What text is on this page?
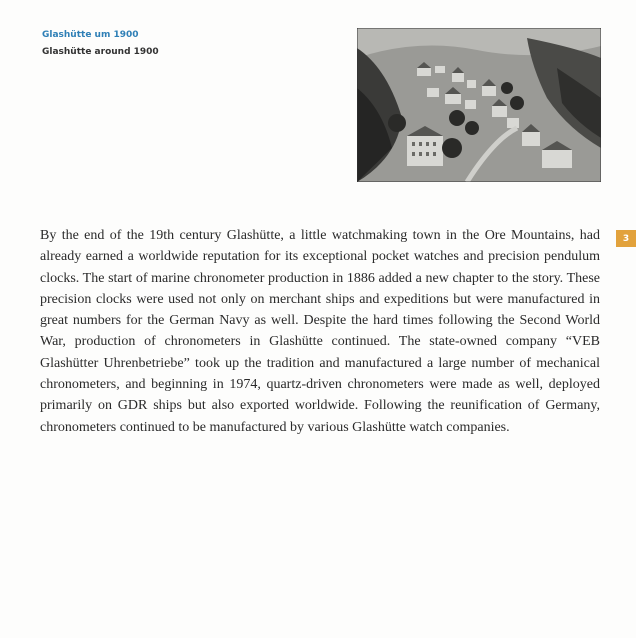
Glashütte um 1900
Glashütte around 1900

By the end of the 19th century Glashütte, a little watchmaking town in the Ore Mountains, had already earned a worldwide reputation for its exceptional pocket watches and precision pendulum clocks. The start of marine chronometer production in 1886 added a new chapter to the story. These precision clocks were used not only on merchant ships and expeditions but were manufactured in great numbers for the German Navy as well. Despite the hard times following the Second World War, production of chronometers in Glashütte continued. The state-owned company “VEB Glashütter Uhrenbetriebe” took up the tradition and manufactured a large number of mechanical chronometers, and beginning in 1974, quartz-driven chronometers were made as well, deployed primarily on GDR ships but also exported worldwide. Following the reunification of Germany, chronometers continued to be manufactured by various Glashütte watch companies.

3
